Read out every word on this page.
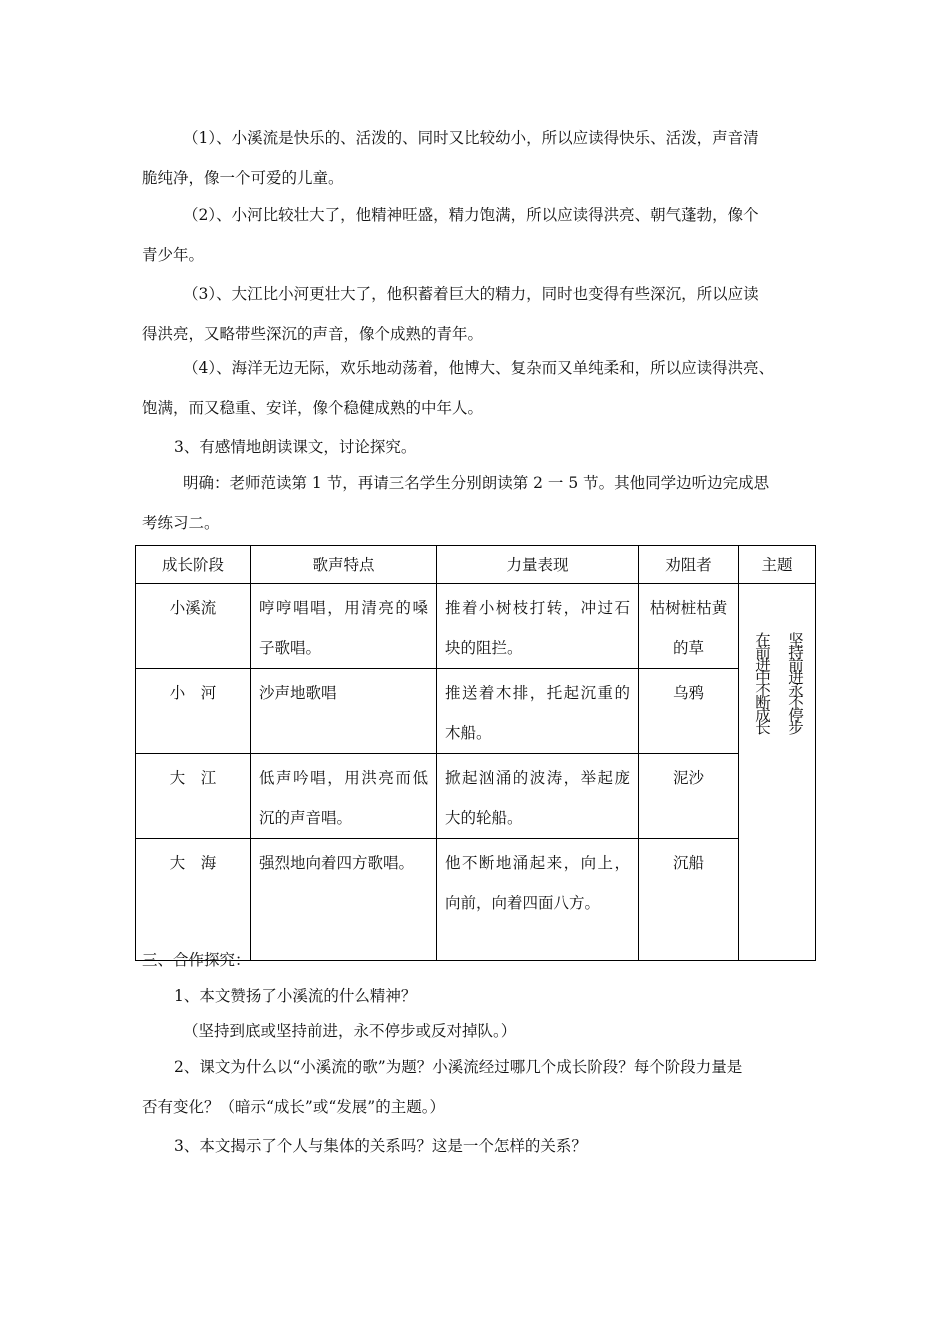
（1）、小溪流是快乐的、活泼的、同时又比较幼小，所以应读得快乐、活泼，声音清
脆纯净，像一个可爱的儿童。
（2）、小河比较壮大了，他精神旺盛，精力饱满，所以应读得洪亮、朝气蓬勃，像个
青少年。
（3）、大江比小河更壮大了，他积蓄着巨大的精力，同时也变得有些深沉，所以应读
得洪亮，又略带些深沉的声音，像个成熟的青年。
（4）、海洋无边无际，欢乐地动荡着，他博大、复杂而又单纯柔和，所以应读得洪亮、
饱满，而又稳重、安详，像个稳健成熟的中年人。
3、有感情地朗读课文，讨论探究。
明确：老师范读第 1 节，再请三名学生分别朗读第 2 一 5 节。其他同学边听边完成思
考练习二。
成长阶段	歌声特点	力量表现	劝阻者	主题
小溪流	哼哼唱唱，用清亮的嗓子歌唱。	推着小树枝打转，冲过石块的阻拦。	枯树桩枯黄的草	在前进中不断成长 坚持前进永不停步

小　河	沙声地歌唱	推送着木排，托起沉重的木船。	乌鸦	
大　江	低声吟唱，用洪亮而低沉的声音唱。	掀起汹涌的波涛，举起庞大的轮船。	泥沙	
大　海	强烈地向着四方歌唱。	他不断地涌起来，向上，向前，向着四面八方。	沉船	
三、合作探究：
1、本文赞扬了小溪流的什么精神？
（坚持到底或坚持前进，永不停步或反对掉队。）
2、课文为什么以“小溪流的歌”为题？小溪流经过哪几个成长阶段？每个阶段力量是
否有变化？（暗示“成长”或“发展”的主题。）
3、本文揭示了个人与集体的关系吗？这是一个怎样的关系？
